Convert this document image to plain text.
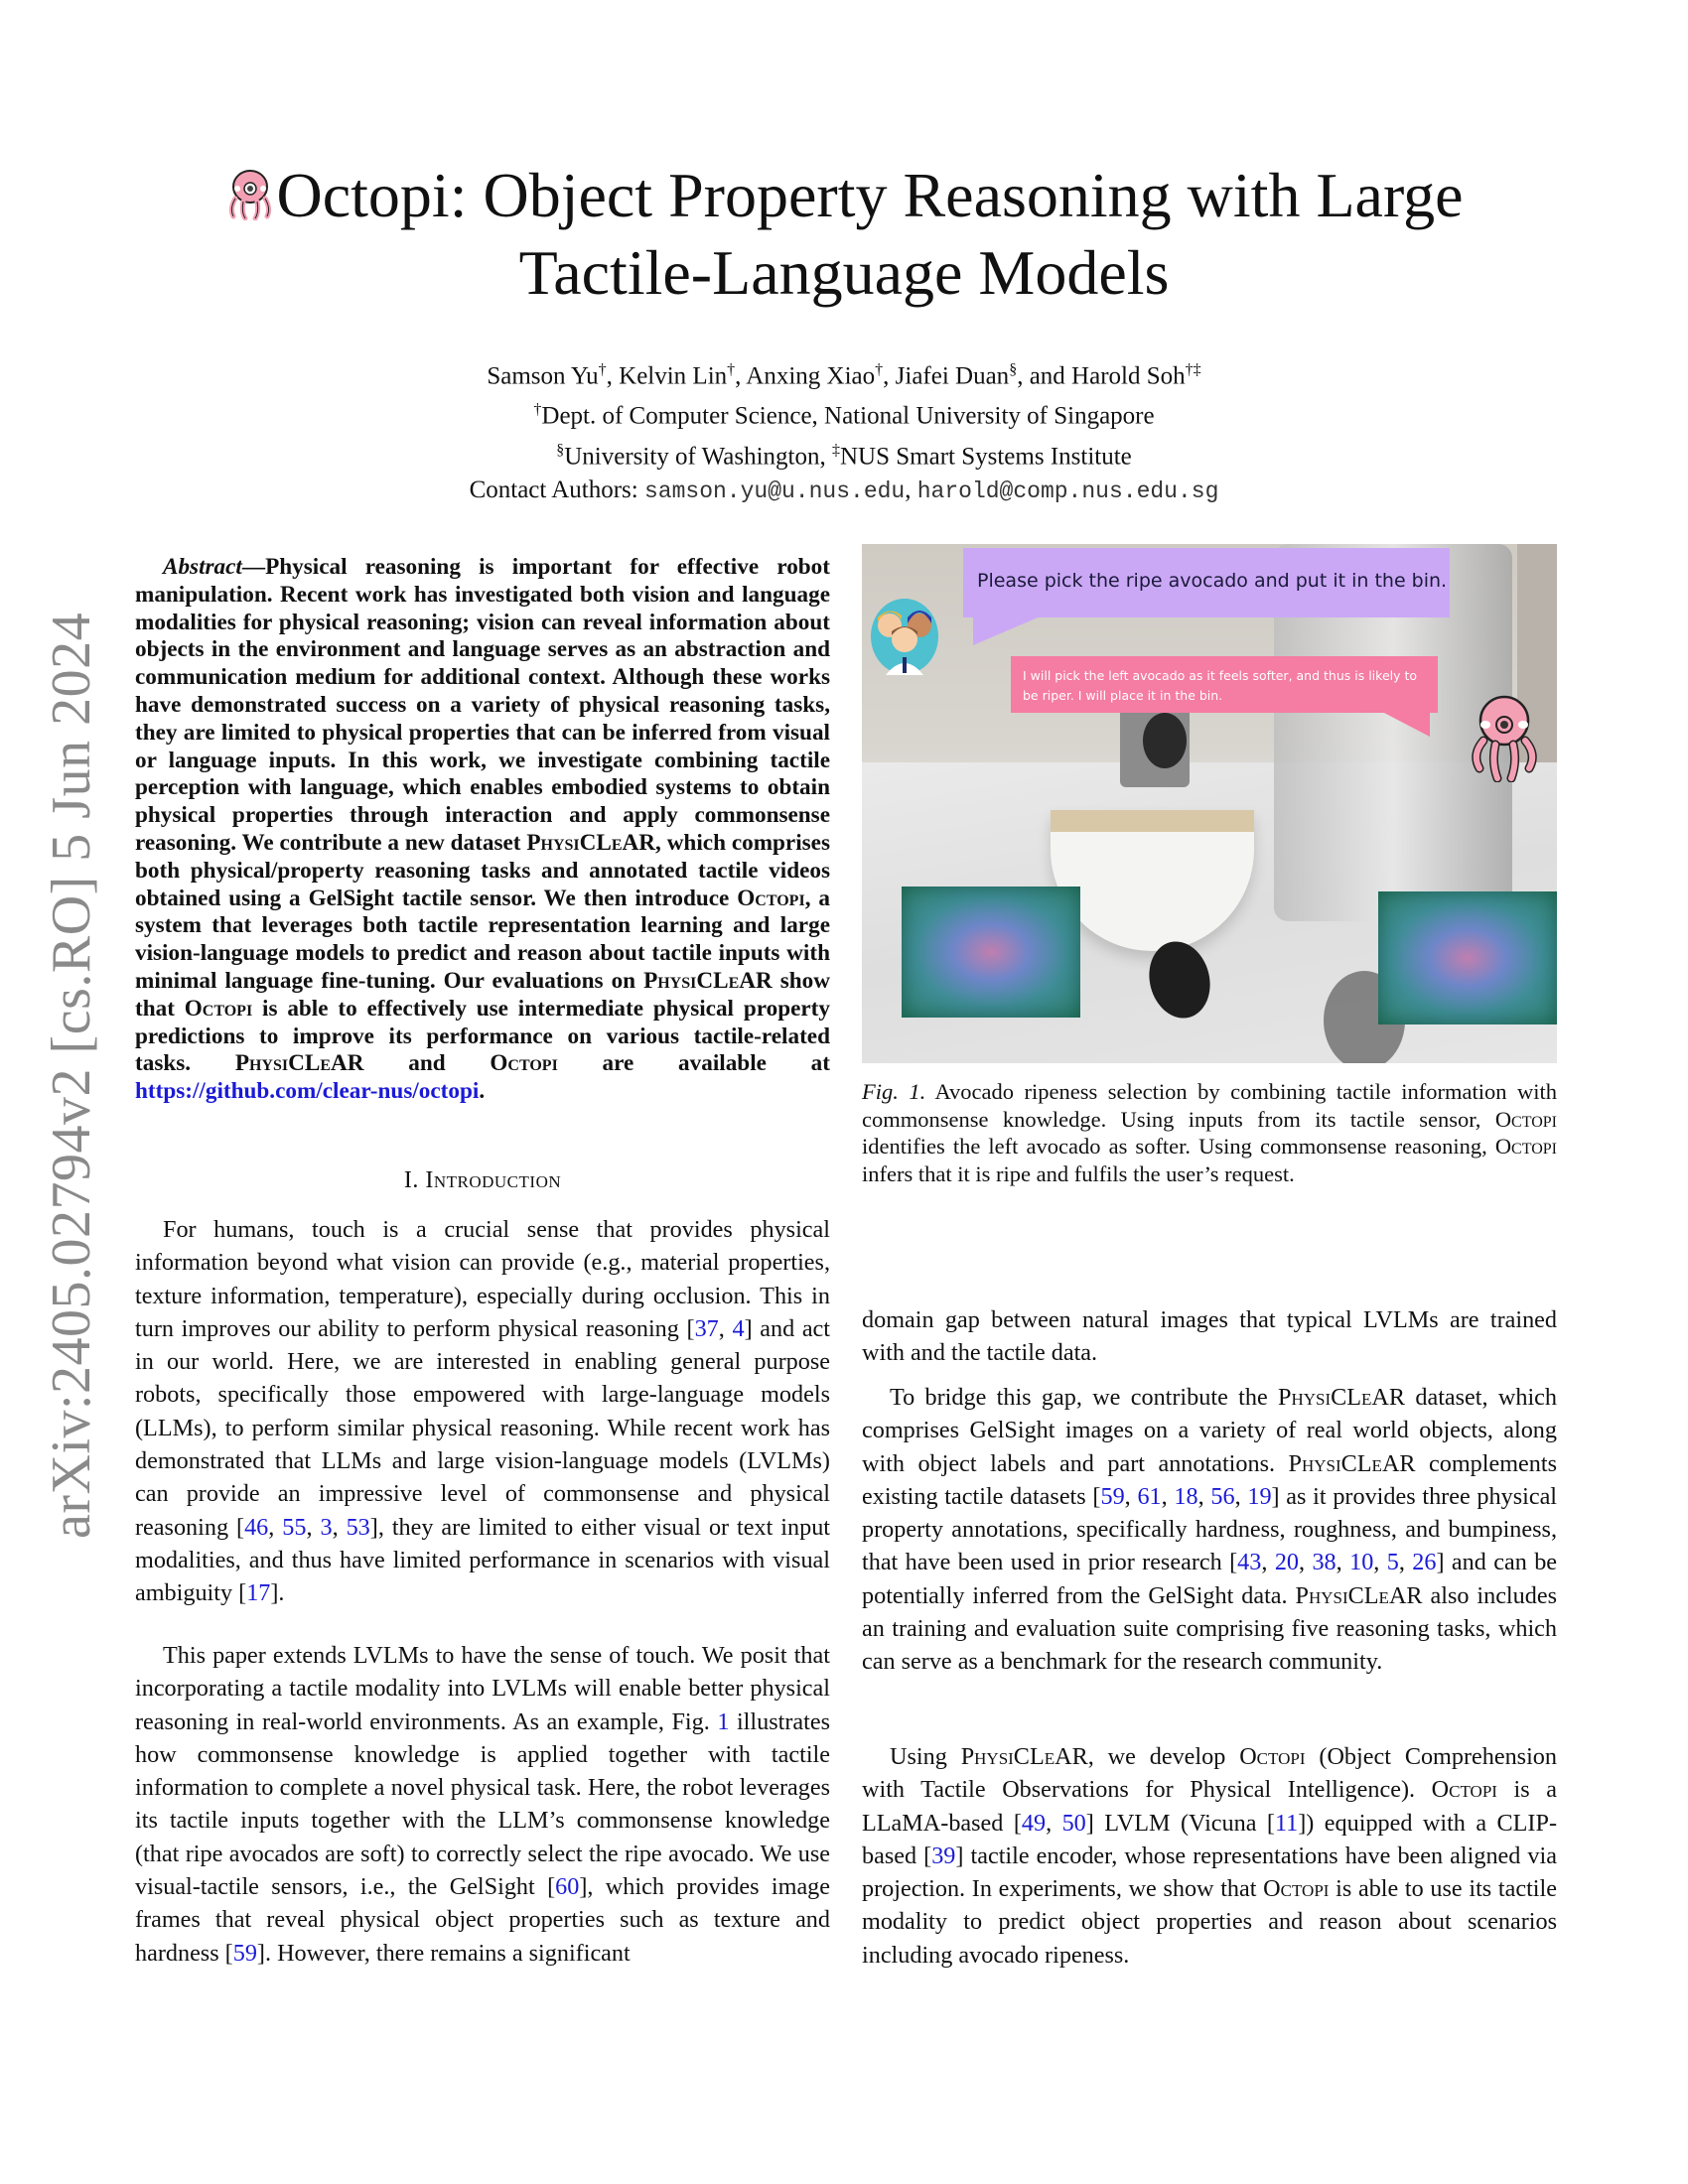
arXiv:2405.02794v2 [cs.RO] 5 Jun 2024
Octopi: Object Property Reasoning with Large
Tactile-Language Models
Samson Yu†, Kelvin Lin†, Anxing Xiao†, Jiafei Duan§, and Harold Soh†‡
†Dept. of Computer Science, National University of Singapore
§University of Washington, ‡NUS Smart Systems Institute
Contact Authors: samson.yu@u.nus.edu, harold@comp.nus.edu.sg

Abstract—Physical reasoning is important for effective robot manipulation. Recent work has investigated both vision and language modalities for physical reasoning; vision can reveal information about objects in the environment and language serves as an abstraction and communication medium for additional context. Although these works have demonstrated success on a variety of physical reasoning tasks, they are limited to physical properties that can be inferred from visual or language inputs. In this work, we investigate combining tactile perception with language, which enables embodied systems to obtain physical properties through interaction and apply commonsense reasoning. We contribute a new dataset PhysiCLeAR, which comprises both physical/property reasoning tasks and annotated tactile videos obtained using a GelSight tactile sensor. We then introduce Octopi, a system that leverages both tactile representation learning and large vision-language models to predict and reason about tactile inputs with minimal language fine-tuning. Our evaluations on PhysiCLeAR show that Octopi is able to effectively use intermediate physical property predictions to improve its performance on various tactile-related tasks. PhysiCLeAR and Octopi are available at https://github.com/clear-nus/octopi.

I. Introduction

For humans, touch is a crucial sense that provides physical information beyond what vision can provide (e.g., material properties, texture information, temperature), especially during occlusion. This in turn improves our ability to perform physical reasoning [37, 4] and act in our world. Here, we are interested in enabling general purpose robots, specifically those empowered with large-language models (LLMs), to perform similar physical reasoning. While recent work has demonstrated that LLMs and large vision-language models (LVLMs) can provide an impressive level of commonsense and physical reasoning [46, 55, 3, 53], they are limited to either visual or text input modalities, and thus have limited performance in scenarios with visual ambiguity [17].

This paper extends LVLMs to have the sense of touch. We posit that incorporating a tactile modality into LVLMs will enable better physical reasoning in real-world environments. As an example, Fig. 1 illustrates how commonsense knowledge is applied together with tactile information to complete a novel physical task. Here, the robot leverages its tactile inputs together with the LLM’s commonsense knowledge (that ripe avocados are soft) to correctly select the ripe avocado. We use visual-tactile sensors, i.e., the GelSight [60], which provides image frames that reveal physical object properties such as texture and hardness [59]. However, there remains a significant

Please pick the ripe avocado and put it in the bin.
I will pick the left avocado as it feels softer, and thus is likely to be riper. I will place it in the bin.
Fig. 1. Avocado ripeness selection by combining tactile information with commonsense knowledge. Using inputs from its tactile sensor, Octopi identifies the left avocado as softer. Using commonsense reasoning, Octopi infers that it is ripe and fulfils the user’s request.

domain gap between natural images that typical LVLMs are trained with and the tactile data.

To bridge this gap, we contribute the PhysiCLeAR dataset, which comprises GelSight images on a variety of real world objects, along with object labels and part annotations. PhysiCLeAR complements existing tactile datasets [59, 61, 18, 56, 19] as it provides three physical property annotations, specifically hardness, roughness, and bumpiness, that have been used in prior research [43, 20, 38, 10, 5, 26] and can be potentially inferred from the GelSight data. PhysiCLeAR also includes an training and evaluation suite comprising five reasoning tasks, which can serve as a benchmark for the research community.

Using PhysiCLeAR, we develop Octopi (Object Comprehension with Tactile Observations for Physical Intelligence). Octopi is a LLaMA-based [49, 50] LVLM (Vicuna [11]) equipped with a CLIP-based [39] tactile encoder, whose representations have been aligned via projection. In experiments, we show that Octopi is able to use its tactile modality to predict object properties and reason about scenarios including avocado ripeness.
